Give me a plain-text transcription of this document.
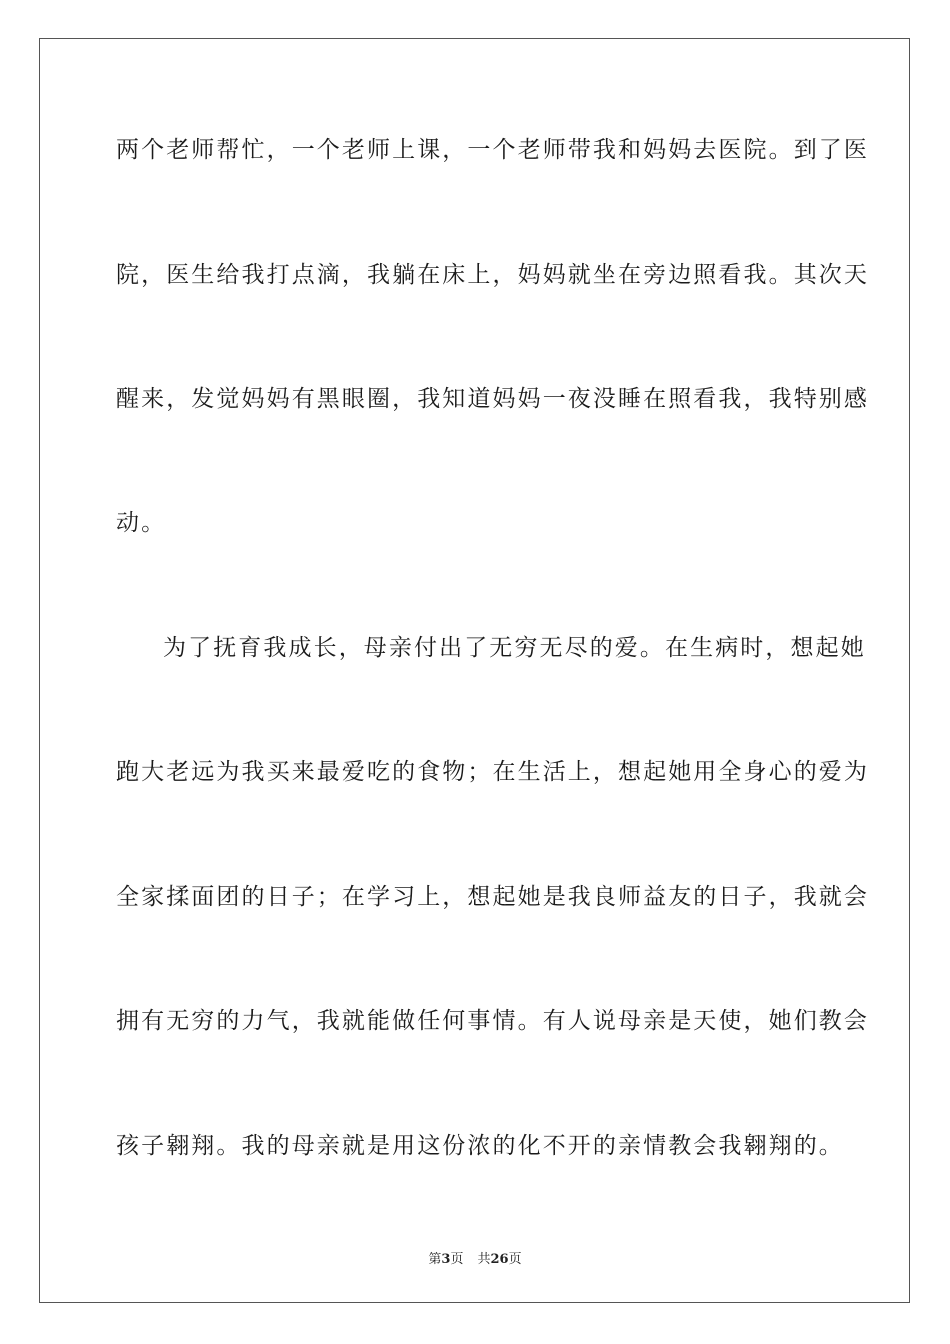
两个老师帮忙，一个老师上课，一个老师带我和妈妈去医院。到了医
院，医生给我打点滴，我躺在床上，妈妈就坐在旁边照看我。其次天
醒来，发觉妈妈有黑眼圈，我知道妈妈一夜没睡在照看我，我特别感
动。
为了抚育我成长，母亲付出了无穷无尽的爱。在生病时，想起她
跑大老远为我买来最爱吃的食物；在生活上，想起她用全身心的爱为
全家揉面团的日子；在学习上，想起她是我良师益友的日子，我就会
拥有无穷的力气，我就能做任何事情。有人说母亲是天使，她们教会
孩子翱翔。我的母亲就是用这份浓的化不开的亲情教会我翱翔的。
第3页 共26页
